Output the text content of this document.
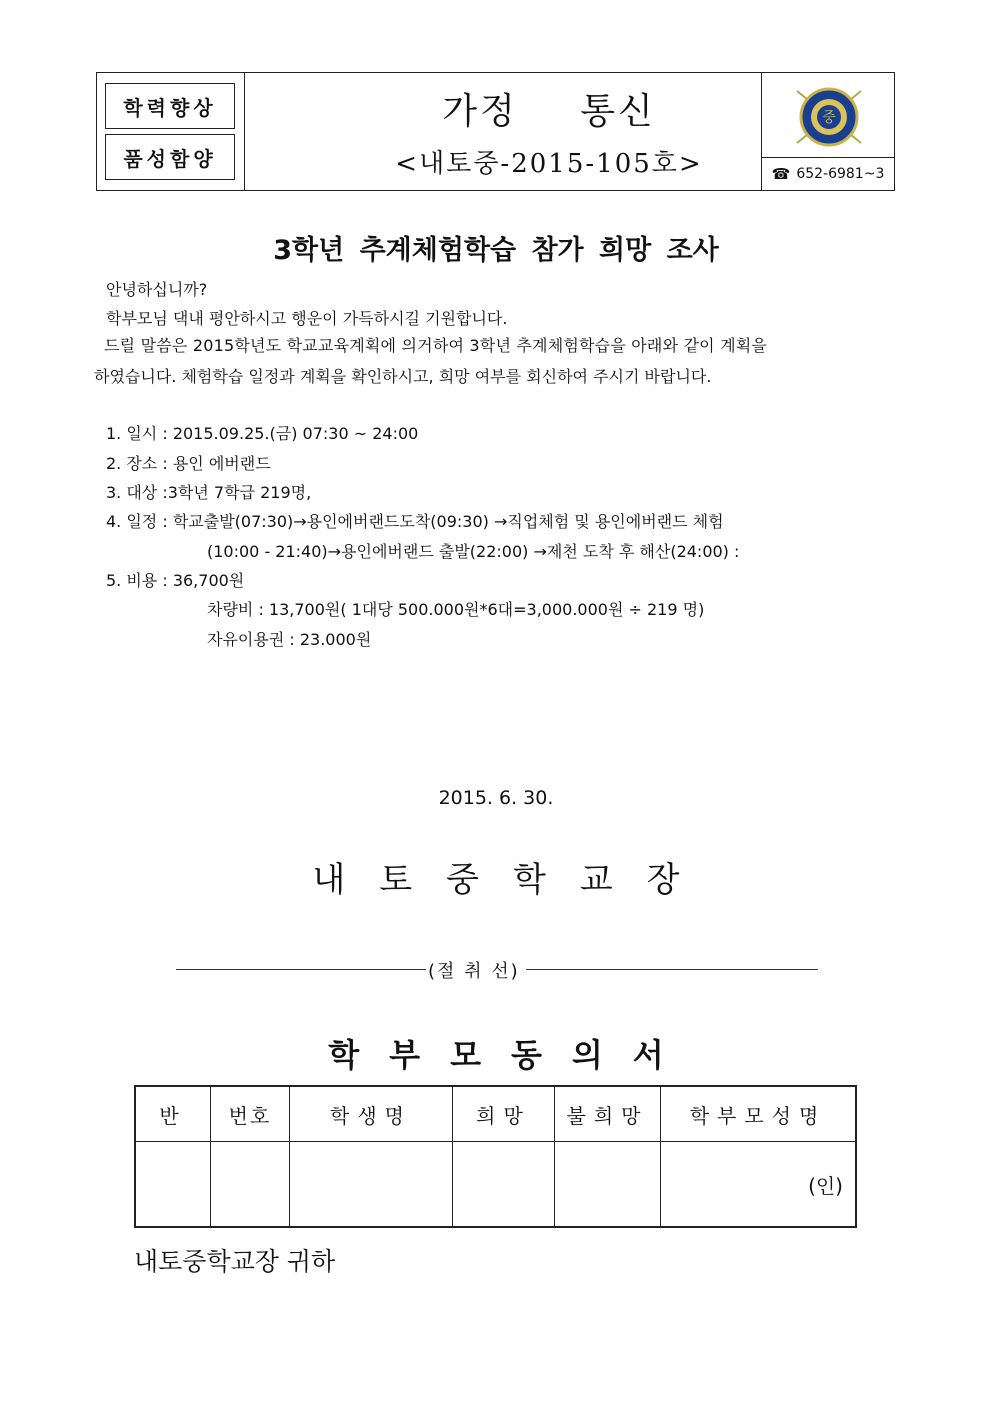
학력향상
품성함양
가정 통신
<내토중-2015-105호>
중
☎ 652-6981~3
3학년 추계체험학습 참가 희망 조사
안녕하십니까?
학부모님 댁내 평안하시고 행운이 가득하시길 기원합니다.
드릴 말씀은 2015학년도 학교교육계획에 의거하여 3학년 추계체험학습을 아래와 같이 계획을
하였습니다. 체험학습 일정과 계획을 확인하시고, 희망 여부를 회신하여 주시기 바랍니다.
1. 일시 : 2015.09.25.(금) 07:30 ~ 24:00
2. 장소 : 용인 에버랜드
3. 대상 :3학년 7학급 219명,
4. 일정 : 학교출발(07:30)→용인에버랜드도착(09:30) →직업체험 및 용인에버랜드 체험
(10:00 - 21:40)→용인에버랜드 출발(22:00) →제천 도착 후 해산(24:00) :
5. 비용 : 36,700원
차량비 : 13,700원( 1대당 500.000원*6대=3,000.000원 ÷ 219 명)
자유이용권 : 23.000원
2015. 6. 30.
내토중학교장
(절 취 선)
학부모동의서
반	번호	학생명	희망	불희망	학부모성명
					(인)
내토중학교장 귀하
